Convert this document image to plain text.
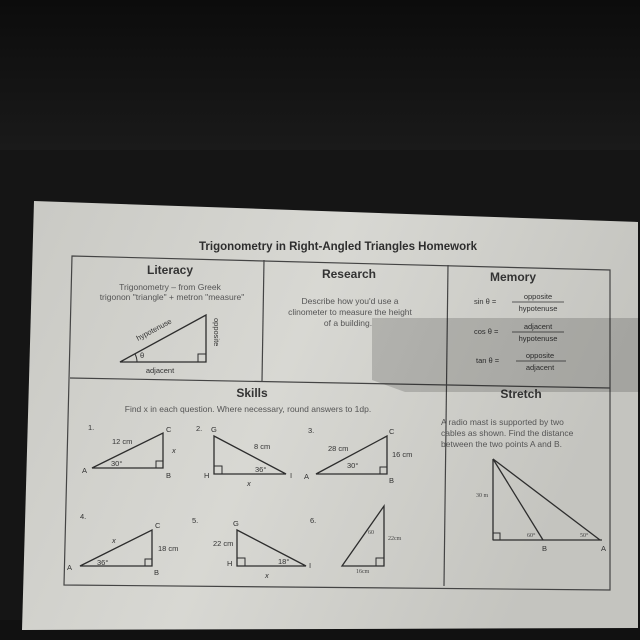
Trigonometry in Right-Angled Triangles Homework
Literacy
Trigonometry – from Greek
trigonon "triangle" + metron "measure"
hypotenuse	opposite
adjacent
θ
Research
Describe how you'd use a
clinometer to measure the height
of a building.
Memory
sin θ =
opposite
hypotenuse
cos θ =
adjacent
hypotenuse
tan θ =
opposite
adjacent
Skills
Find x in each question. Where necessary, round answers to 1dp.
1.
12 cm
30°
x
A
B
C	2.
8 cm
36°
x
G
H	I
3.
28 cm
16 cm
30°
A	B
C
4.
18 cm
36°
x
A
B
C
5.
22 cm
18°
x
G
H	I
6.
60
22cm
16cm
Stretch
A radio mast is supported by two
cables as shown. Find the distance
between the two points A and B.
30 m
60°	50°
B	A
